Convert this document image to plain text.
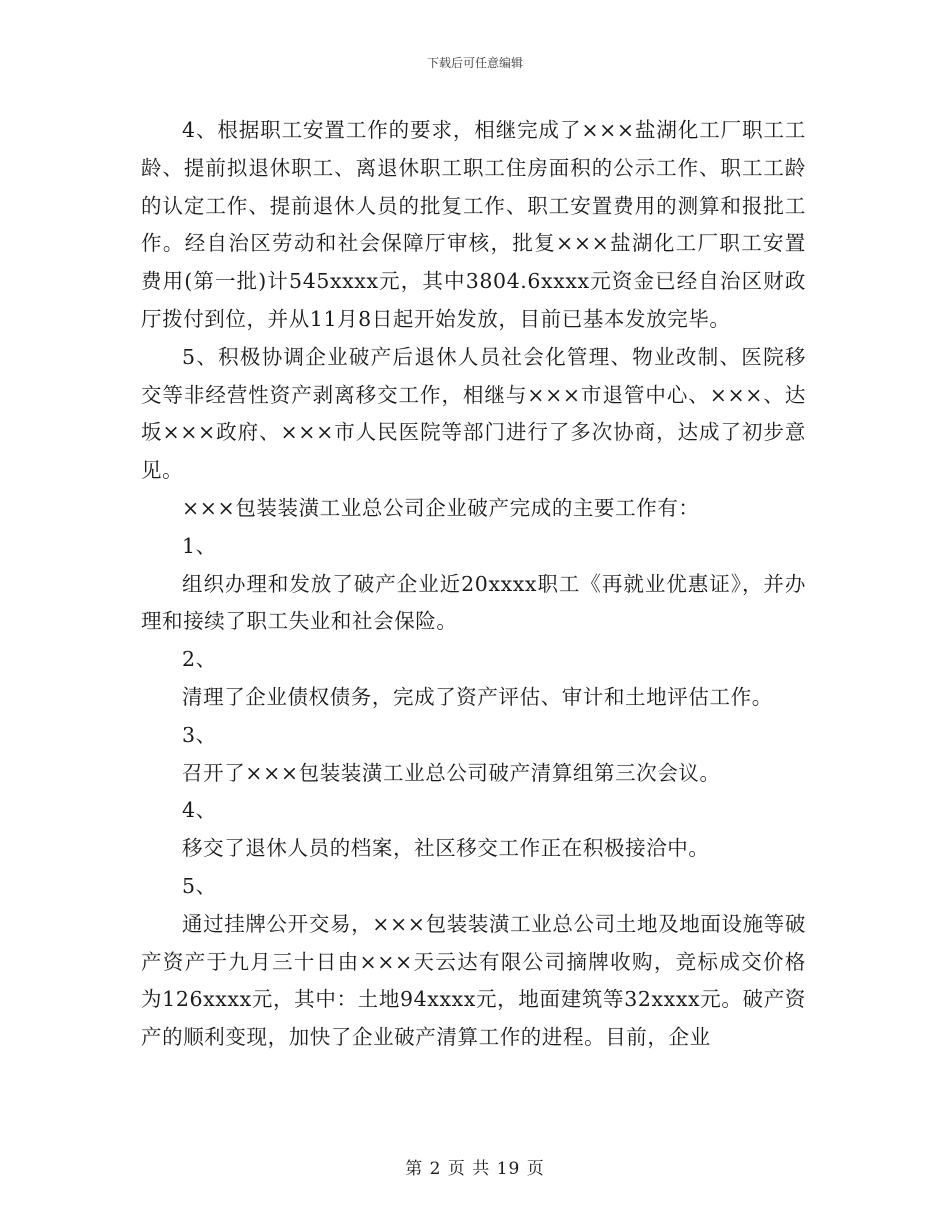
下载后可任意编辑

4、根据职工安置工作的要求，相继完成了×××盐湖化工厂职工工龄、提前拟退休职工、离退休职工职工住房面积的公示工作、职工工龄的认定工作、提前退休人员的批复工作、职工安置费用的测算和报批工作。经自治区劳动和社会保障厅审核，批复×××盐湖化工厂职工安置费用(第一批)计545xxxx元，其中3804.6xxxx元资金已经自治区财政厅拨付到位，并从11月8日起开始发放，目前已基本发放完毕。

5、积极协调企业破产后退休人员社会化管理、物业改制、医院移交等非经营性资产剥离移交工作，相继与×××市退管中心、×××、达坂×××政府、×××市人民医院等部门进行了多次协商，达成了初步意见。

×××包装装潢工业总公司企业破产完成的主要工作有：

1、

组织办理和发放了破产企业近20xxxx职工《再就业优惠证》，并办理和接续了职工失业和社会保险。

2、

清理了企业债权债务，完成了资产评估、审计和土地评估工作。

3、

召开了×××包装装潢工业总公司破产清算组第三次会议。

4、

移交了退休人员的档案，社区移交工作正在积极接洽中。

5、

通过挂牌公开交易，×××包装装潢工业总公司土地及地面设施等破产资产于九月三十日由×××天云达有限公司摘牌收购，竞标成交价格为126xxxx元，其中：土地94xxxx元，地面建筑等32xxxx元。破产资产的顺利变现，加快了企业破产清算工作的进程。目前，企业

第 2 页 共 19 页
